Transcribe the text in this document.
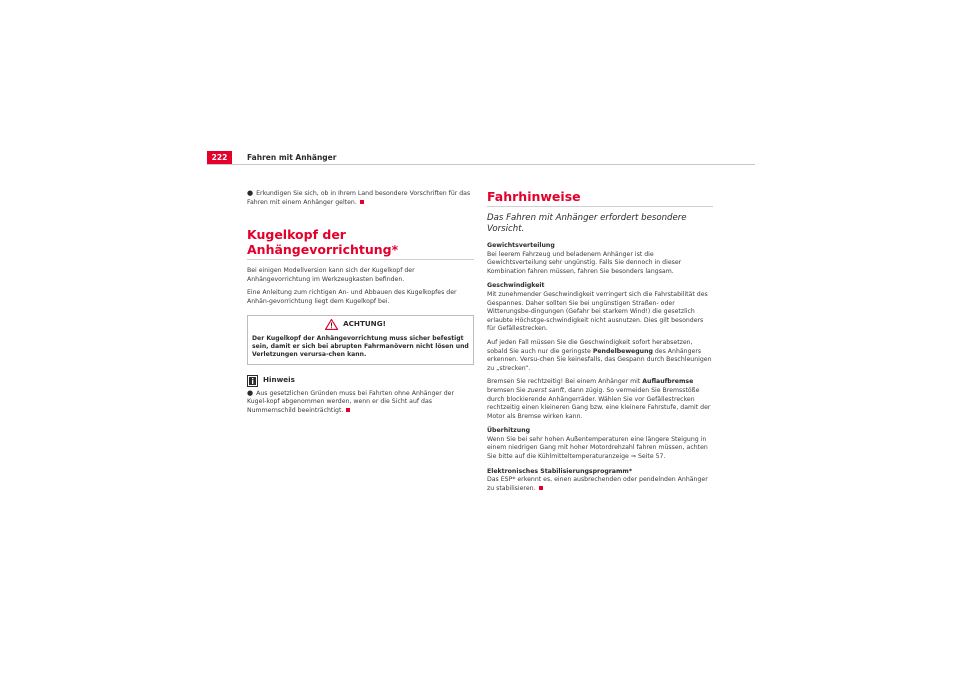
222	Fahren mit Anhänger

● Erkundigen Sie sich, ob in Ihrem Land besondere Vorschriften für das Fahren mit einem Anhänger gelten.

Kugelkopf der Anhängevorrichtung*

Bei einigen Modellversion kann sich der Kugelkopf der Anhängevorrichtung im Werkzeugkasten befinden.

Eine Anleitung zum richtigen An- und Abbauen des Kugelkopfes der Anhän-gevorrichtung liegt dem Kugelkopf bei.

ACHTUNG!
Der Kugelkopf der Anhängevorrichtung muss sicher befestigt sein, damit er sich bei abrupten Fahrmanövern nicht lösen und Verletzungen verursa-chen kann.
Hinweis

● Aus gesetzlichen Gründen muss bei Fahrten ohne Anhänger der Kugel-kopf abgenommen werden, wenn er die Sicht auf das Nummernschild beeinträchtigt.

Fahrhinweise
Das Fahren mit Anhänger erfordert besondere Vorsicht.
Gewichtsverteilung

Bei leerem Fahrzeug und beladenem Anhänger ist die Gewichtsverteilung sehr ungünstig. Falls Sie dennoch in dieser Kombination fahren müssen, fahren Sie besonders langsam.

Geschwindigkeit

Mit zunehmender Geschwindigkeit verringert sich die Fahrstabilität des Gespannes. Daher sollten Sie bei ungünstigen Straßen- oder Witterungsbe-dingungen (Gefahr bei starkem Wind!) die gesetzlich erlaubte Höchstge-schwindigkeit nicht ausnutzen. Dies gilt besonders für Gefällestrecken.

Auf jeden Fall müssen Sie die Geschwindigkeit sofort herabsetzen, sobald Sie auch nur die geringste Pendelbewegung des Anhängers erkennen. Versu-chen Sie keinesfalls, das Gespann durch Beschleunigen zu „strecken“.

Bremsen Sie rechtzeitig! Bei einem Anhänger mit Auflaufbremse bremsen Sie zuerst sanft, dann zügig. So vermeiden Sie Bremsstöße durch blockierende Anhängerräder. Wählen Sie vor Gefällestrecken rechtzeitig einen kleineren Gang bzw. eine kleinere Fahrstufe, damit der Motor als Bremse wirken kann.

Überhitzung

Wenn Sie bei sehr hohen Außentemperaturen eine längere Steigung in einem niedrigen Gang mit hoher Motordrehzahl fahren müssen, achten Sie bitte auf die Kühlmitteltemperaturanzeige ⇒ Seite 57.

Elektronisches Stabilisierungsprogramm*

Das ESP* erkennt es, einen ausbrechenden oder pendelnden Anhänger zu stabilisieren.
